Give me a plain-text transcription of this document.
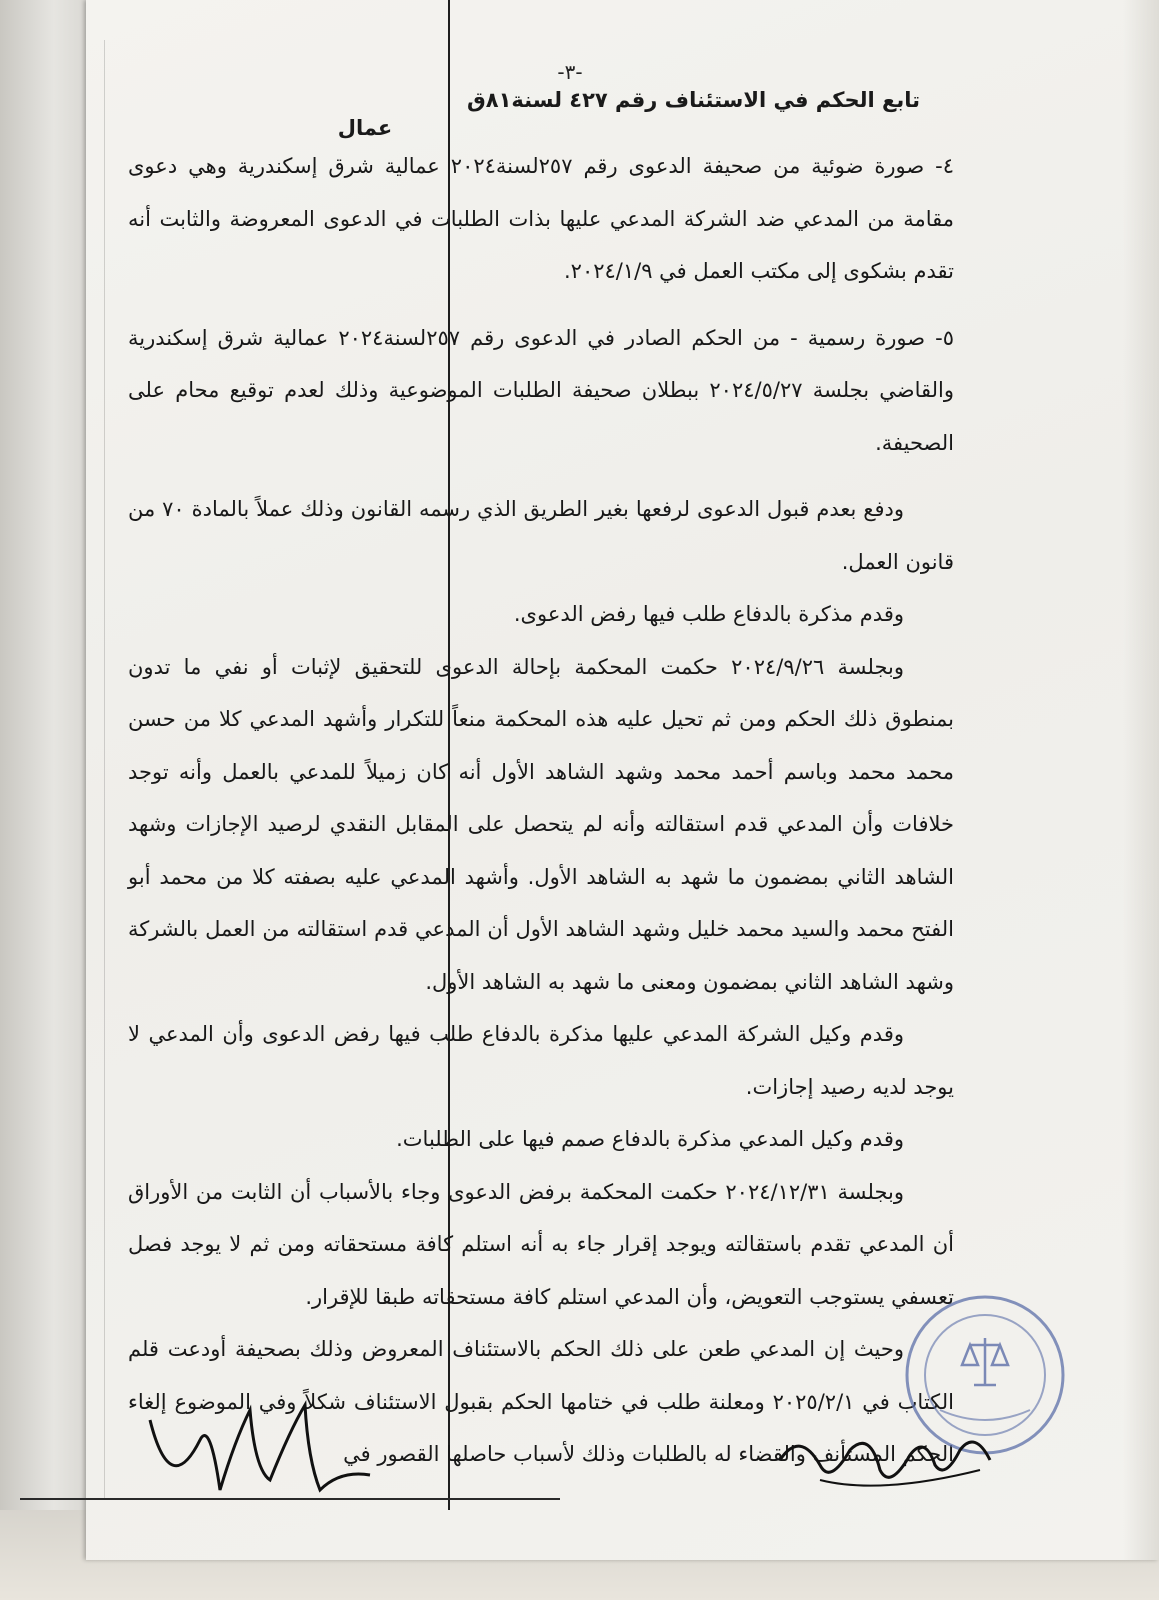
-٣-
تابع الحكم في الاستئناف رقم ٤٢٧ لسنة٨١ق
عمال

٤- صورة ضوئية من صحيفة الدعوى رقم ٢٥٧لسنة٢٠٢٤ عمالية شرق إسكندرية وهي دعوى مقامة من المدعي ضد الشركة المدعي عليها بذات الطلبات في الدعوى المعروضة والثابت أنه تقدم بشكوى إلى مكتب العمل في ٢٠٢٤/١/٩.

٥- صورة رسمية - من الحكم الصادر في الدعوى رقم ٢٥٧لسنة٢٠٢٤ عمالية شرق إسكندرية والقاضي بجلسة ٢٠٢٤/٥/٢٧ ببطلان صحيفة الطلبات الموضوعية وذلك لعدم توقيع محام على الصحيفة.

ودفع بعدم قبول الدعوى لرفعها بغير الطريق الذي رسمه القانون وذلك عملاً بالمادة ٧٠ من قانون العمل.

وقدم مذكرة بالدفاع طلب فيها رفض الدعوى.

وبجلسة ٢٠٢٤/٩/٢٦ حكمت المحكمة بإحالة الدعوى للتحقيق لإثبات أو نفي ما تدون بمنطوق ذلك الحكم ومن ثم تحيل عليه هذه المحكمة منعاً للتكرار وأشهد المدعي كلا من حسن محمد محمد وباسم أحمد محمد وشهد الشاهد الأول أنه كان زميلاً للمدعي بالعمل وأنه توجد خلافات وأن المدعي قدم استقالته وأنه لم يتحصل على المقابل النقدي لرصيد الإجازات وشهد الشاهد الثاني بمضمون ما شهد به الشاهد الأول. وأشهد المدعي عليه بصفته كلا من محمد أبو الفتح محمد والسيد محمد خليل وشهد الشاهد الأول أن المدعي قدم استقالته من العمل بالشركة وشهد الشاهد الثاني بمضمون ومعنى ما شهد به الشاهد الأول.

وقدم وكيل الشركة المدعي عليها مذكرة بالدفاع طلب فيها رفض الدعوى وأن المدعي لا يوجد لديه رصيد إجازات.

وقدم وكيل المدعي مذكرة بالدفاع صمم فيها على الطلبات.

وبجلسة ٢٠٢٤/١٢/٣١ حكمت المحكمة برفض الدعوى وجاء بالأسباب أن الثابت من الأوراق أن المدعي تقدم باستقالته ويوجد إقرار جاء به أنه استلم كافة مستحقاته ومن ثم لا يوجد فصل تعسفي يستوجب التعويض، وأن المدعي استلم كافة مستحقاته طبقا للإقرار.

وحيث إن المدعي طعن على ذلك الحكم بالاستئناف المعروض وذلك بصحيفة أودعت قلم الكتاب في ٢٠٢٥/٢/١ ومعلنة طلب في ختامها الحكم بقبول الاستئناف شكلاً وفي الموضوع إلغاء الحكم المستأنف والقضاء له بالطلبات وذلك لأسباب حاصلها القصور في
